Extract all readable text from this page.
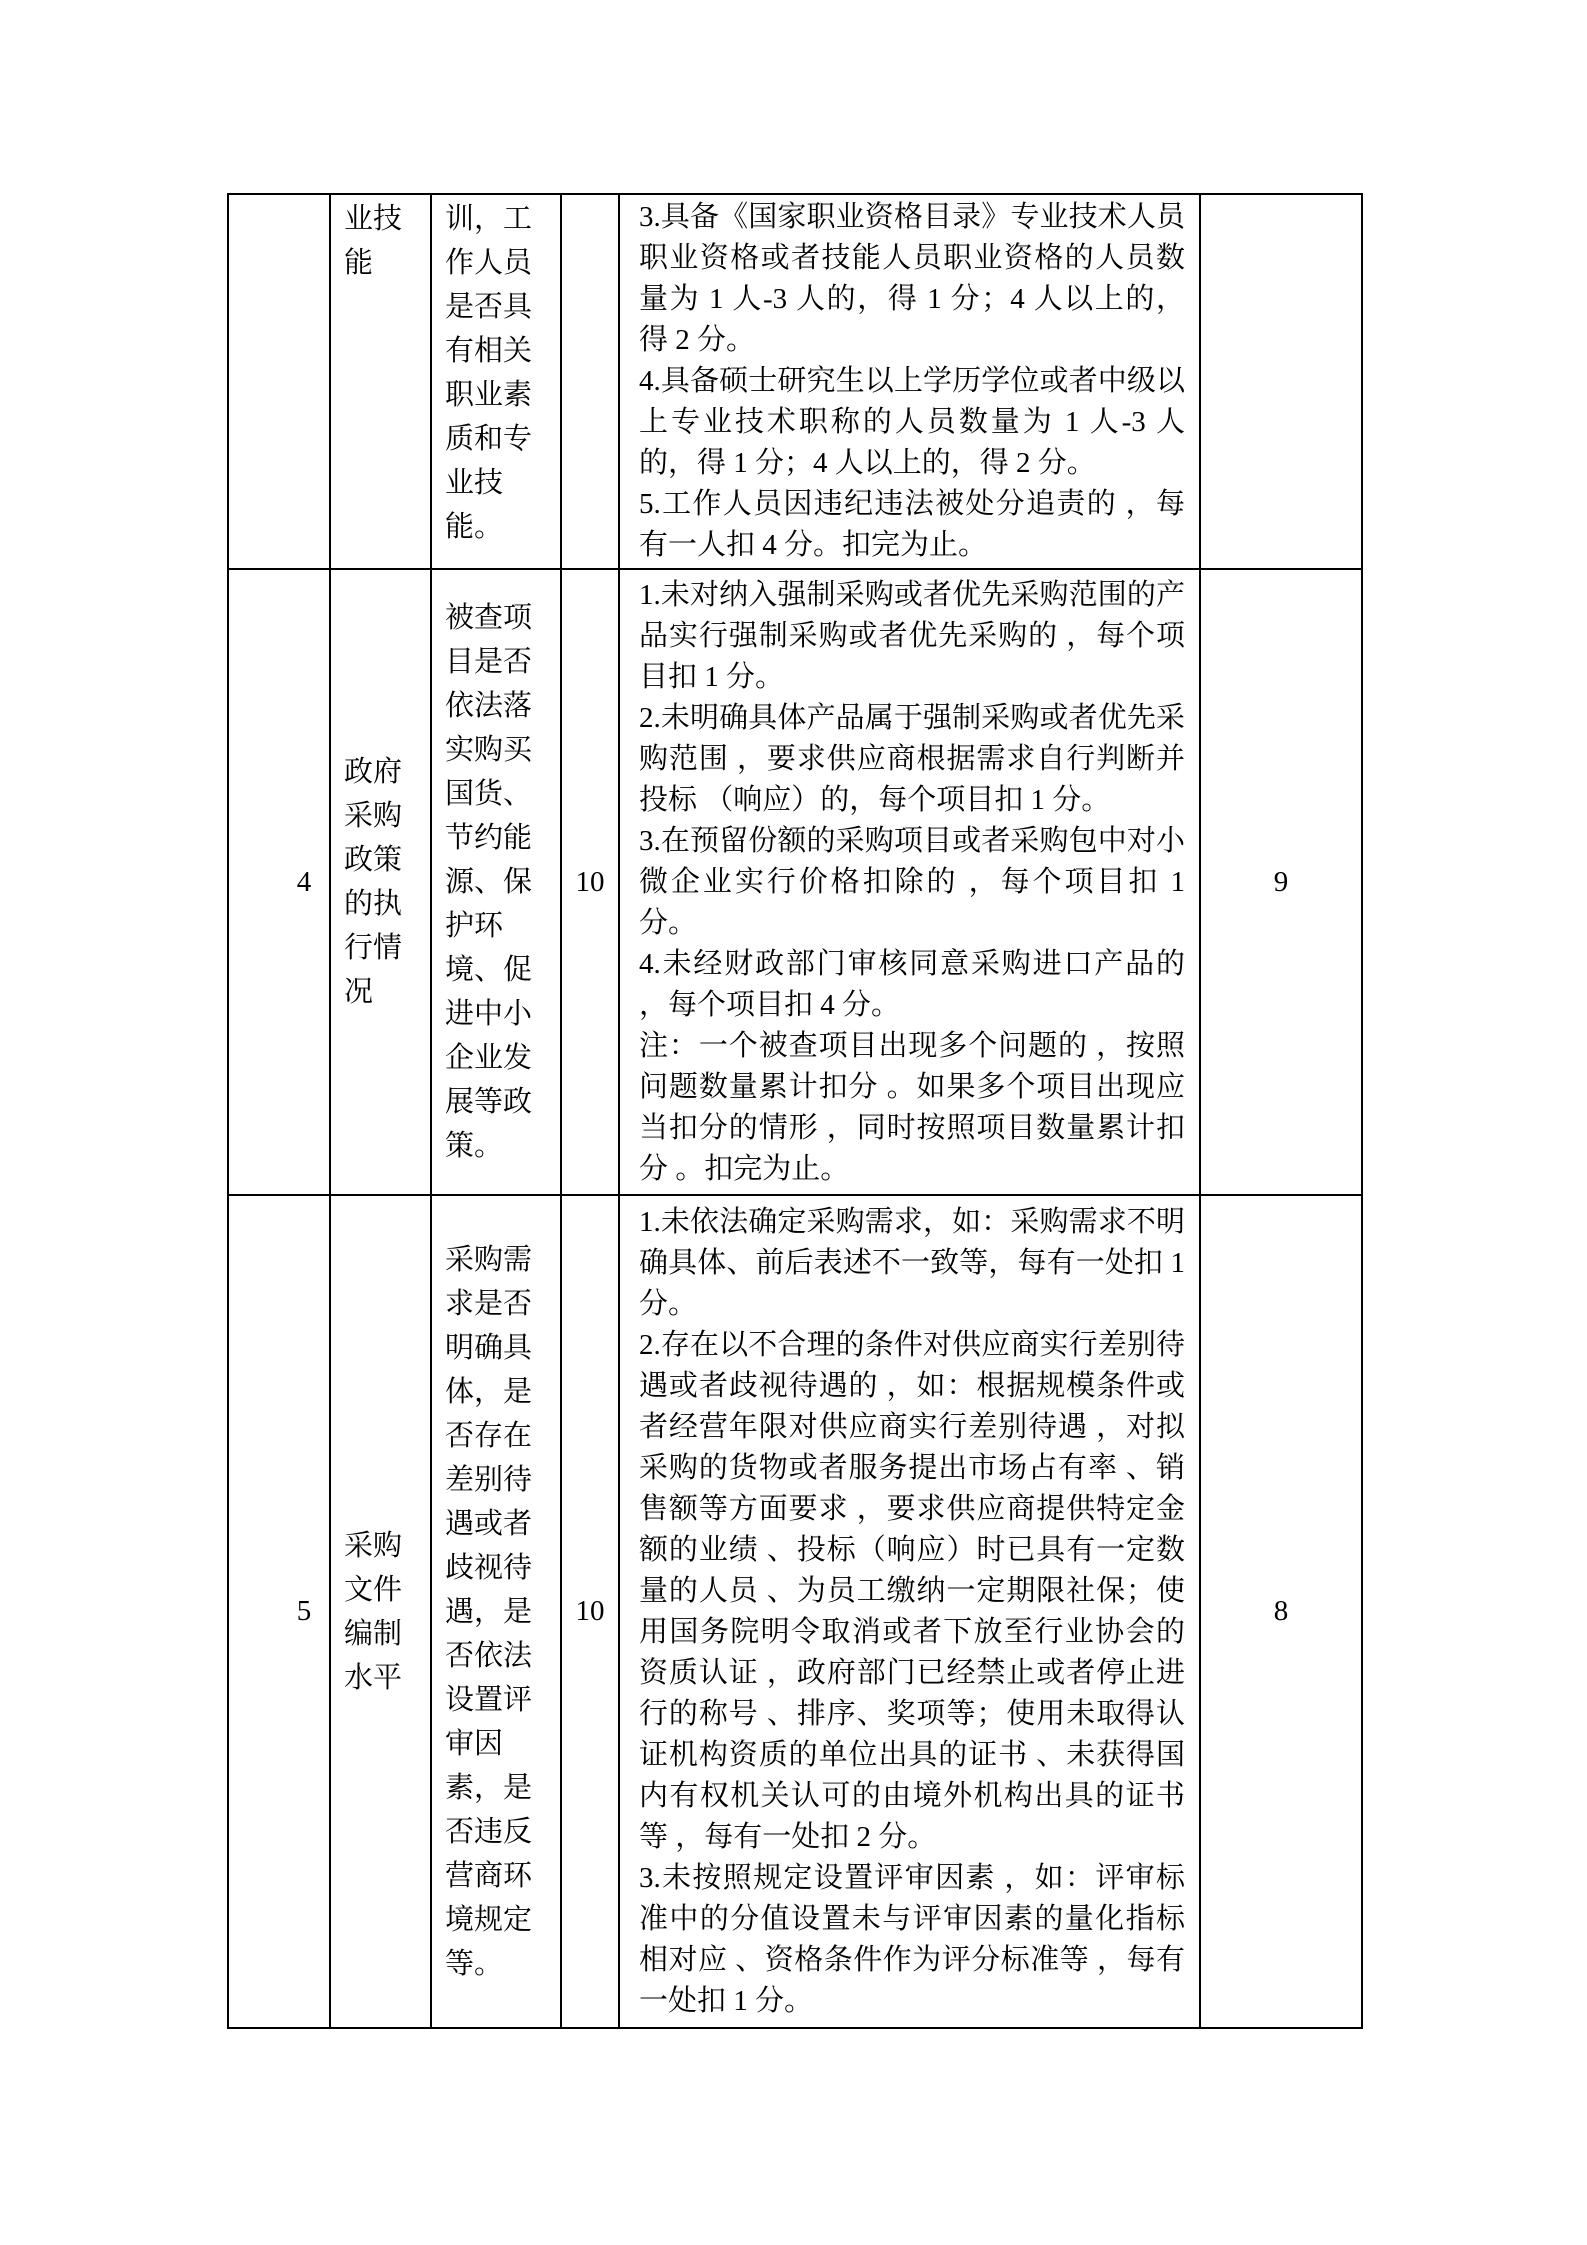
	业技能	训，工作人员是否具有相关职业素质和专业技能。		3.具备《国家职业资格目录》专业技术人员职业资格或者技能人员职业资格的人员数量为 1 人-3 人的，得 1 分；4 人以上的，得 2 分。

4.具备硕士研究生以上学历学位或者中级以上专业技术职称的人员数量为 1 人-3 人的，得 1 分；4 人以上的，得 2 分。

5.工作人员因违纪违法被处分追责的 ，每有一人扣 4 分。扣完为止。	

4	政府采购政策的执行情况	被查项目是否依法落实购买国货、节约能源、保护环境、促进中小企业发展等政策。	10	1.未对纳入强制采购或者优先采购范围的产品实行强制采购或者优先采购的 ，每个项目扣 1 分。

2.未明确具体产品属于强制采购或者优先采购范围 ，要求供应商根据需求自行判断并投标 （响应）的，每个项目扣 1 分。

3.在预留份额的采购项目或者采购包中对小微企业实行价格扣除的 ，每个项目扣 1 分。

4.未经财政部门审核同意采购进口产品的 ，每个项目扣 4 分。

注：一个被查项目出现多个问题的 ，按照问题数量累计扣分 。如果多个项目出现应当扣分的情形 ，同时按照项目数量累计扣分 。扣完为止。	9
5	采购文件编制水平	采购需求是否明确具体，是否存在差别待遇或者歧视待遇，是否依法设置评审因素，是否违反营商环境规定等。	10	1.未依法确定采购需求，如：采购需求不明确具体、前后表述不一致等，每有一处扣 1 分。

2.存在以不合理的条件对供应商实行差别待遇或者歧视待遇的 ，如：根据规模条件或者经营年限对供应商实行差别待遇 ，对拟采购的货物或者服务提出市场占有率 、销售额等方面要求 ，要求供应商提供特定金额的业绩 、投标（响应）时已具有一定数量的人员 、为员工缴纳一定期限社保；使用国务院明令取消或者下放至行业协会的资质认证 ，政府部门已经禁止或者停止进行的称号 、排序、奖项等；使用未取得认证机构资质的单位出具的证书 、未获得国内有权机关认可的由境外机构出具的证书等 ，每有一处扣 2 分。

3.未按照规定设置评审因素 ，如：评审标准中的分值设置未与评审因素的量化指标相对应 、资格条件作为评分标准等 ，每有一处扣 1 分。	8
